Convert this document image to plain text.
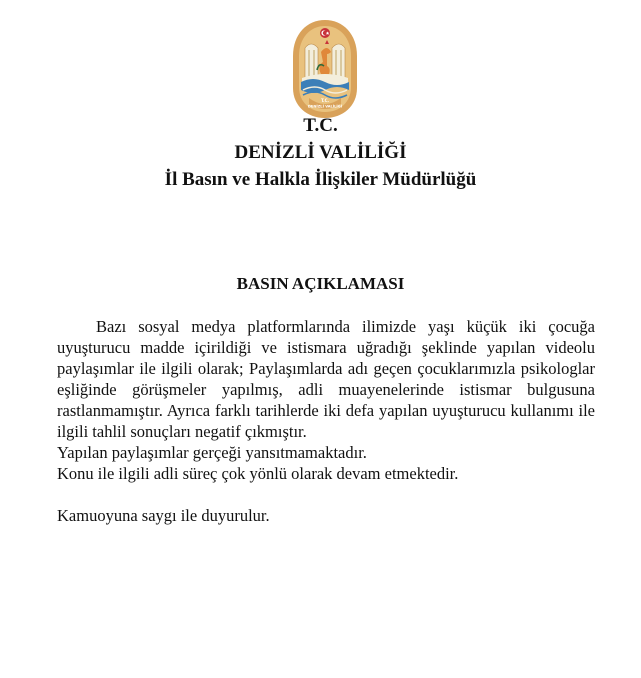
T.C.
DENİZLİ VALİLİĞİ
T.C.
DENİZLİ VALİLİĞİ
İl Basın ve Halkla İlişkiler Müdürlüğü
BASIN AÇIKLAMASI

Bazı sosyal medya platformlarında ilimizde yaşı küçük iki çocuğa uyuşturucu madde içirildiği ve istismara uğradığı şeklinde yapılan videolu paylaşımlar ile ilgili olarak; Paylaşımlarda adı geçen çocuklarımızla psikologlar eşliğinde görüşmeler yapılmış, adli muayenelerinde istismar bulgusuna rastlanmamıştır. Ayrıca farklı tarihlerde iki defa yapılan uyuşturucu kullanımı ile ilgili tahlil sonuçları negatif çıkmıştır.

Yapılan paylaşımlar gerçeği yansıtmamaktadır.

Konu ile ilgili adli süreç çok yönlü olarak devam etmektedir.

Kamuoyuna saygı ile duyurulur.
